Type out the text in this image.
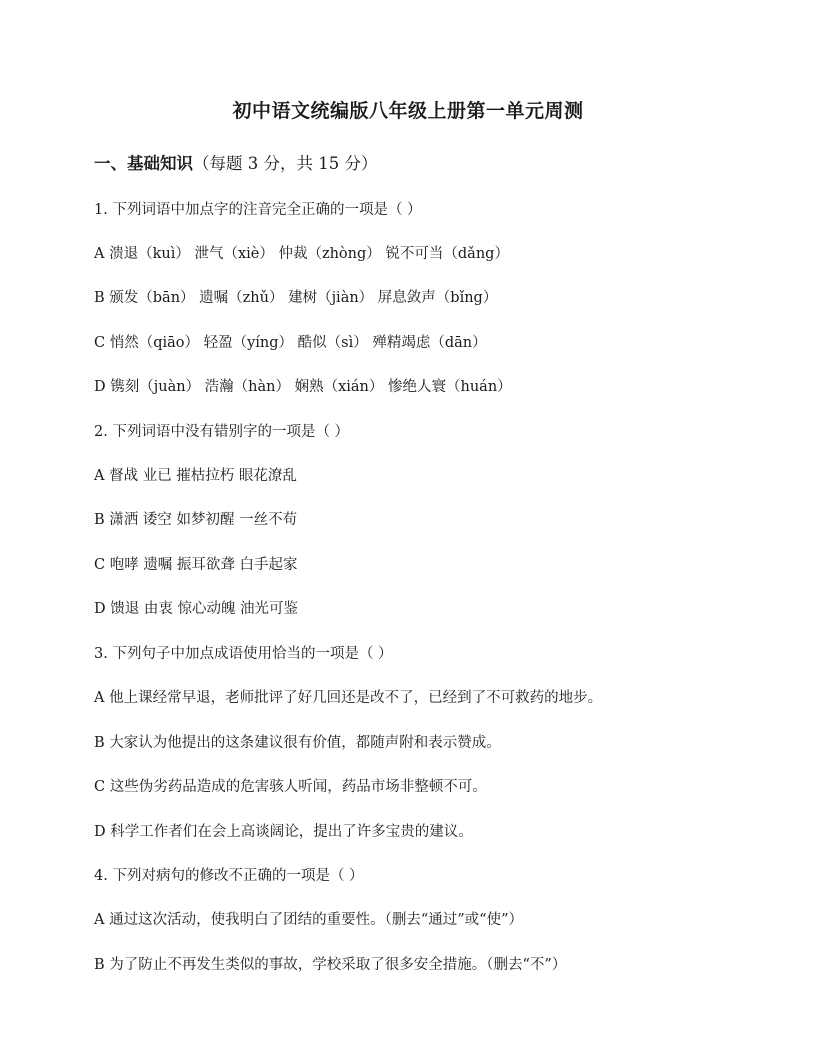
初中语文统编版八年级上册第一单元周测
一、基础知识（每题 3 分，共 15 分）
1. 下列词语中加点字的注音完全正确的一项是（ ）
A 溃退（kuì） 泄气（xiè） 仲裁（zhòng） 锐不可当（dǎng）
B 颁发（bān） 遗嘱（zhǔ） 建树（jiàn） 屏息敛声（bǐng）
C 悄然（qiāo） 轻盈（yíng） 酷似（sì） 殚精竭虑（dān）
D 镌刻（juàn） 浩瀚（hàn） 娴熟（xián） 惨绝人寰（huán）
2. 下列词语中没有错别字的一项是（ ）
A 督战 业已 摧枯拉朽 眼花潦乱
B 潇洒 诿空 如梦初醒 一丝不苟
C 咆哮 遗嘱 振耳欲聋 白手起家
D 馈退 由衷 惊心动魄 油光可鉴
3. 下列句子中加点成语使用恰当的一项是（ ）
A 他上课经常早退，老师批评了好几回还是改不了，已经到了不可救药的地步。
B 大家认为他提出的这条建议很有价值，都随声附和表示赞成。
C 这些伪劣药品造成的危害骇人听闻，药品市场非整顿不可。
D 科学工作者们在会上高谈阔论，提出了许多宝贵的建议。
4. 下列对病句的修改不正确的一项是（ ）
A 通过这次活动，使我明白了团结的重要性。（删去“通过”或“使”）
B 为了防止不再发生类似的事故，学校采取了很多安全措施。（删去“不”）
